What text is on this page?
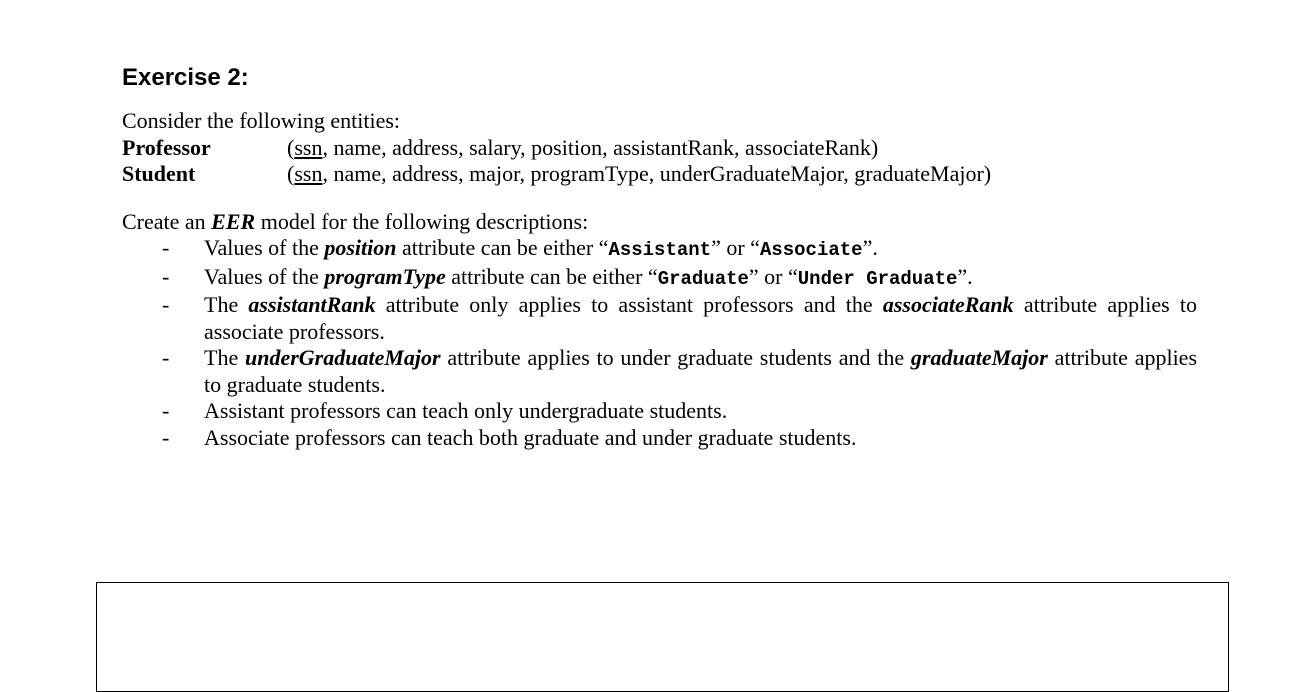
Exercise 2:
Consider the following entities:
Professor	(ssn, name, address, salary, position, assistantRank, associateRank)
Student	(ssn, name, address, major, programType, underGraduateMajor, graduateMajor)
Create an EER model for the following descriptions:
- Values of the position attribute can be either “Assistant” or “Associate”.
- Values of the programType attribute can be either “Graduate” or “Under Graduate”.
- The assistantRank attribute only applies to assistant professors and the associateRank attribute applies to associate professors.
- The underGraduateMajor attribute applies to under graduate students and the graduateMajor attribute applies to graduate students.
- Assistant professors can teach only undergraduate students.
- Associate professors can teach both graduate and under graduate students.
